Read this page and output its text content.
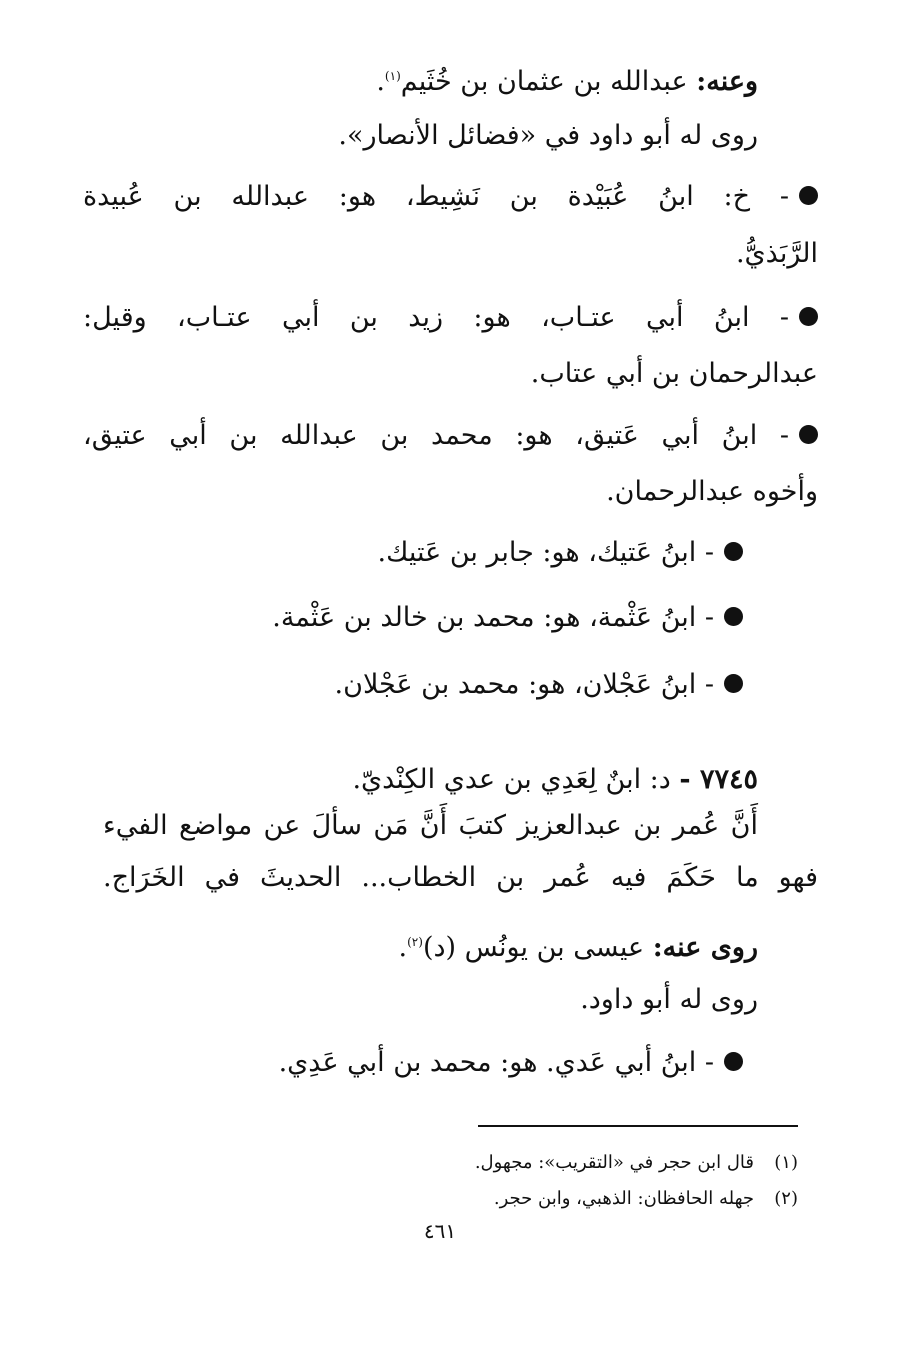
وعنه: عبدالله بن عثمان بن خُثَيم$^{(١)}$.
روى له أبو داود في «فضائل الأنصار».
- خ: ابنُ عُبَيْدة بن نَشِيط، هو: عبدالله بن عُبيدة
الرَّبَذيُّ.
- ابنُ أبي عتـاب، هو: زيد بن أبي عتـاب، وقيل:
عبدالرحمان بن أبي عتاب.
- ابنُ أبي عَتيق، هو: محمد بن عبدالله بن أبي عتيق،
وأخوه عبدالرحمان.
- ابنُ عَتيك، هو: جابر بن عَتيك.
- ابنُ عَثْمة، هو: محمد بن خالد بن عَثْمة.
- ابنُ عَجْلان، هو: محمد بن عَجْلان.
٧٧٤٥ - د: ابنٌ لِعَدِي بن عدي الكِنْديّ.
أَنَّ عُمر بن عبدالعزيز كتبَ أَنَّ مَن سألَ عن مواضع الفيء
فهو ما حَكَمَ فيه عُمر بن الخطاب... الحديثَ في الخَرَاج.
روى عنه: عيسى بن يونُس (د)$^{(٢)}$.
روى له أبو داود.
- ابنُ أبي عَدي. هو: محمد بن أبي عَدِي.
(١)قال ابن حجر في «التقريب»: مجهول.
(٢)جهله الحافظان: الذهبي، وابن حجر.
٤٦١
